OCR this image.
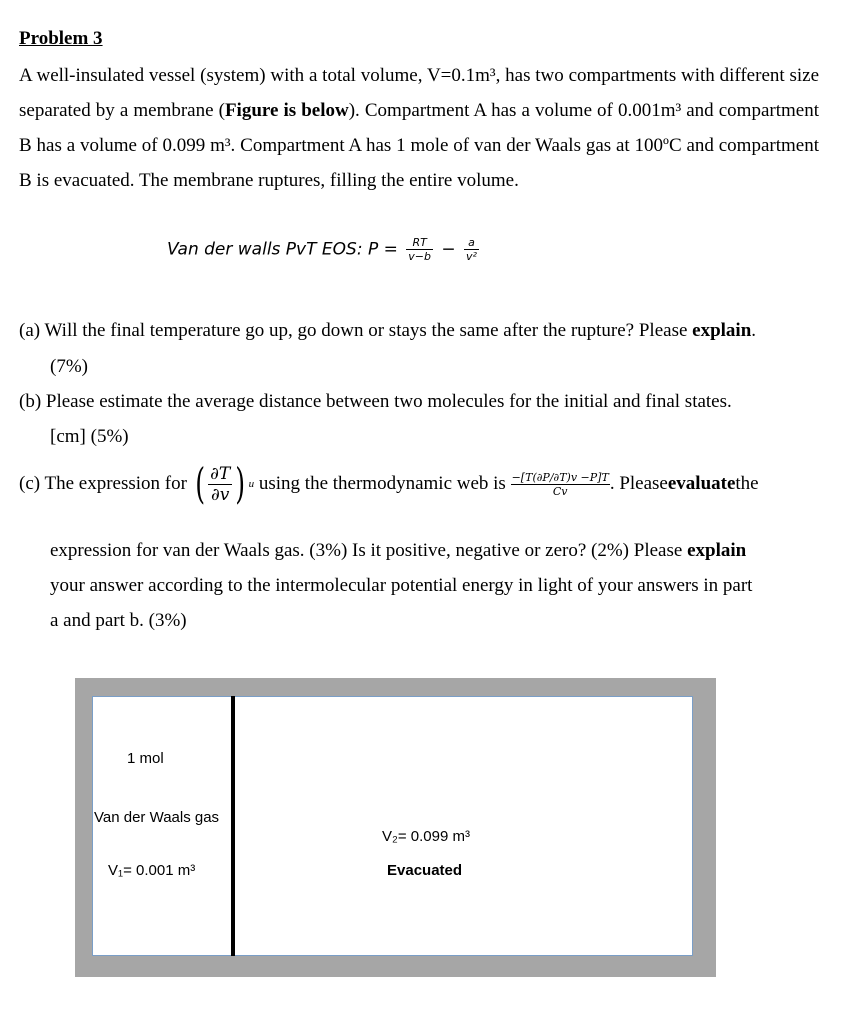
Problem 3
A well-insulated vessel (system) with a total volume, V=0.1m³, has two compartments with different size separated by a membrane (Figure is below). Compartment A has a volume of 0.001m³ and compartment B has a volume of 0.099 m³. Compartment A has 1 mole of van der Waals gas at 100ºC and compartment B is evacuated. The membrane ruptures, filling the entire volume.
Van der walls PvT EOS: $P = \frac{RT}{v-b} - \frac{a}{\text{v²}}$
(a) Will the final temperature go up, go down or stays the same after the rupture? Please explain.
(7%)
(b) Please estimate the average distance between two molecules for the initial and final states.
[cm] (5%)
(c) The expression for
( $\frac{\partial T}{\partial v}$ ) u
using the thermodynamic web is
$\frac{-[T(\partial P/\partial T)v -P]T}{Cv}$ . Please evaluate the
expression for van der Waals gas. (3%) Is it positive, negative or zero? (2%) Please explain
your answer according to the intermolecular potential energy in light of your answers in part
a and part b. (3%)
1 mol
Van der Waals gas
V₁= 0.001 m³
V₂= 0.099 m³
Evacuated
